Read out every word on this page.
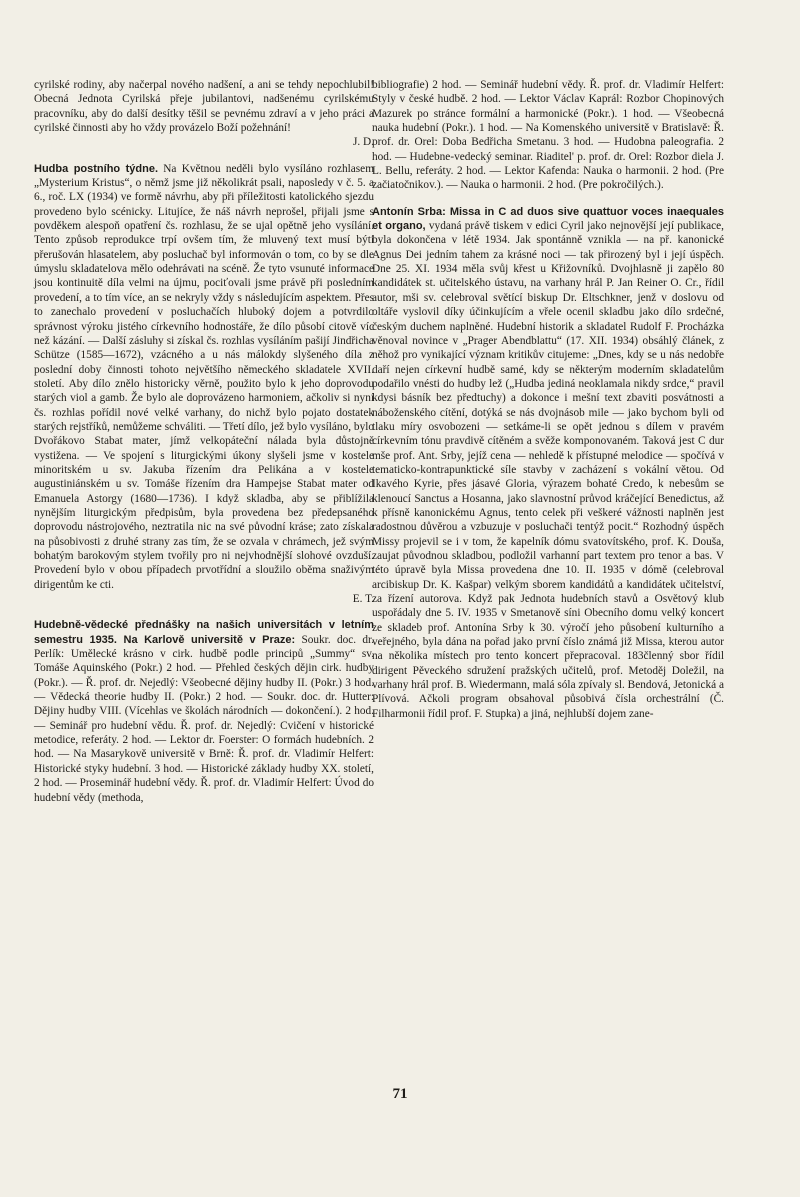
cyrilské rodiny, aby načerpal nového nadšení, a ani se tehdy nepochlubil! Obecná Jednota Cyrilská přeje jubilantovi, nadšenému cyrilskému pracovníku, aby do další desítky těšil se pevnému zdraví a v jeho práci a cyrilské činnosti aby ho vždy provázelo Boží požehnání!
J. D.

Hudba postního týdne. Na Květnou neděli bylo vysíláno rozhlasem „Mysterium Kristus“, o němž jsme již několikrát psali, naposledy v č. 5. a 6., roč. LX (1934) ve formě návrhu, aby při příležitosti katolického sjezdu provedeno bylo scénicky. Litujíce, že náš návrh neprošel, přijali jsme s povděkem alespoň opatření čs. rozhlasu, že se ujal opětně jeho vysílání. Tento způsob reprodukce trpí ovšem tím, že mluvený text musí býti přerušován hlasatelem, aby posluchač byl informován o tom, co by se dle úmyslu skladatelova mělo odehrávati na scéně. Že tyto vsunuté informace jsou kontinuitě díla velmi na újmu, pociťovali jsme právě při posledním provedení, a to tím více, an se nekryly vždy s následujícím aspektem. Přes to zanechalo provedení v posluchačích hluboký dojem a potvrdilo správnost výroku jistého církevního hodnostáře, že dílo působí citově víc než kázání. — Další zásluhy si získal čs. rozhlas vysíláním pašijí Jindřicha Schütze (1585—1672), vzácného a u nás málokdy slyšeného díla z poslední doby činnosti tohoto největšího německého skladatele XVII. století. Aby dílo znělo historicky věrně, použito bylo k jeho doprovodu starých viol a gamb. Že bylo ale doprovázeno harmoniem, ačkoliv si nyní čs. rozhlas pořídil nové velké varhany, do nichž bylo pojato dostatek starých rejstříků, nemůžeme schváliti. — Třetí dílo, jež bylo vysíláno, bylo Dvořákovo Stabat mater, jímž velkopáteční nálada byla důstojně vystižena. — Ve spojení s liturgickými úkony slyšeli jsme v kostele minoritském u sv. Jakuba řízením dra Pelikána a v kostele augustiniánském u sv. Tomáše řízením dra Hampejse Stabat mater od Emanuela Astorgy (1680—1736). I když skladba, aby se přiblížila nynějším liturgickým předpisům, byla provedena bez předepsaného doprovodu nástrojového, neztratila nic na své původní kráse; zato získala na působivosti z druhé strany zas tím, že se ozvala v chrámech, jež svým bohatým barokovým stylem tvořily pro ni nejvhodnější slohové ovzduší. Provedení bylo v obou případech prvotřídní a sloužilo oběma snaživým dirigentům ke cti.
E. T.

Hudebně-vědecké přednášky na našich universitách v letním semestru 1935. Na Karlově universitě v Praze: Soukr. doc. dr. Perlík: Umělecké krásno v cirk. hudbě podle principů „Summy“ sv. Tomáše Aquinského (Pokr.) 2 hod. — Přehled českých dějin cirk. hudby (Pokr.). — Ř. prof. dr. Nejedlý: Všeobecné dějiny hudby II. (Pokr.) 3 hod. — Vědecká theorie hudby II. (Pokr.) 2 hod. — Soukr. doc. dr. Hutter: Dějiny hudby VIII. (Vícehlas ve školách národních — dokončení.). 2 hod. — Seminář pro hudební vědu. Ř. prof. dr. Nejedlý: Cvičení v historické metodice, referáty. 2 hod. — Lektor dr. Foerster: O formách hudebních. 2 hod. — Na Masarykově universitě v Brně: Ř. prof. dr. Vladimír Helfert: Historické styky hudební. 3 hod. — Historické základy hudby XX. století, 2 hod. — Proseminář hudební vědy. Ř. prof. dr. Vladimír Helfert: Úvod do hudební vědy (methoda,

bibliografie) 2 hod. — Seminář hudební vědy. Ř. prof. dr. Vladimír Helfert: Styly v české hudbě. 2 hod. — Lektor Václav Kaprál: Rozbor Chopinových Mazurek po stránce formální a harmonické (Pokr.). 1 hod. — Všeobecná nauka hudební (Pokr.). 1 hod. — Na Komenského universitě v Bratislavě: Ř. prof. dr. Orel: Doba Bedřicha Smetanu. 3 hod. — Hudobna paleografia. 2 hod. — Hudebne-vedecký seminar. Riaditel' p. prof. dr. Orel: Rozbor diela J. L. Bellu, referáty. 2 hod. — Lektor Kafenda: Nauka o harmonii. 2 hod. (Pre začiatočnikov.). — Nauka o harmonii. 2 hod. (Pre pokročilých.).

Antonín Srba: Missa in C ad duos sive quattuor voces inaequales et organo, vydaná právě tiskem v edici Cyril jako nejnovější její publikace, byla dokončena v létě 1934. Jak spontánně vznikla — na př. kanonické Agnus Dei jedním tahem za krásné noci — tak přirozený byl i její úspěch. Dne 25. XI. 1934 měla svůj křest u Křižovníků. Dvojhlasně ji zapělo 80 kandidátek st. učitelského ústavu, na varhany hrál P. Jan Reiner O. Cr., řídil autor, mši sv. celebroval světící biskup Dr. Eltschkner, jenž v doslovu od oltáře vyslovil díky účinkujícím a vřele ocenil skladbu jako dílo srdečné, českým duchem naplněné. Hudební historik a skladatel Rudolf F. Procházka věnoval novince v „Prager Abendblattu“ (17. XII. 1934) obsáhlý článek, z něhož pro vynikající význam kritikův citujeme: „Dnes, kdy se u nás nedobře daří nejen církevní hudbě samé, kdy se některým moderním skladatelům podařilo vnésti do hudby lež („Hudba jediná neoklamala nikdy srdce,“ pravil kdysi básník bez předtuchy) a dokonce i mešní text zbaviti posvátnosti a náboženského cítění, dotýká se nás dvojnásob mile — jako bychom byli od tlaku míry osvobozeni — setkáme-li se opět jednou s dílem v pravém církevním tónu pravdivě cítěném a svěže komponovaném. Taková jest C dur mše prof. Ant. Srby, jejíž cena — nehledě k přístupné melodice — spočívá v tematicko-kontrapunktické síle stavby v zacházení s vokální větou. Od Ikavého Kyrie, přes jásavé Gloria, výrazem bohaté Credo, k nebesům se klenoucí Sanctus a Hosanna, jako slavnostní průvod kráčející Benedictus, až k přísně kanonickému Agnus, tento celek při veškeré vážnosti naplněn jest radostnou důvěrou a vzbuzuje v posluchači tentýž pocit.“ Rozhodný úspěch Missy projevil se i v tom, že kapelník dómu svatovítského, prof. K. Douša, zaujat původnou skladbou, podložil varhanní part textem pro tenor a bas. V této úpravě byla Missa provedena dne 10. II. 1935 v dómě (celebroval arcibiskup Dr. K. Kašpar) velkým sborem kandidátů a kandidátek učitelství, za řízení autorova. Když pak Jednota hudebních stavů a Osvětový klub uspořádaly dne 5. IV. 1935 v Smetanově síni Obecního domu velký koncert ze skladeb prof. Antonína Srby k 30. výročí jeho působení kulturního a veřejného, byla dána na pořad jako první číslo známá již Missa, kterou autor na několika místech pro tento koncert přepracoval. 183členný sbor řídil dirigent Pěveckého sdružení pražských učitelů, prof. Metoděj Doležil, na varhany hrál prof. B. Wiedermann, malá sóla zpívaly sl. Bendová, Jetonická a Plívová. Ačkoli program obsahoval působivá čísla orchestrální (Č. Filharmonii řídil prof. F. Stupka) a jiná, nejhlubší dojem zane-

71
